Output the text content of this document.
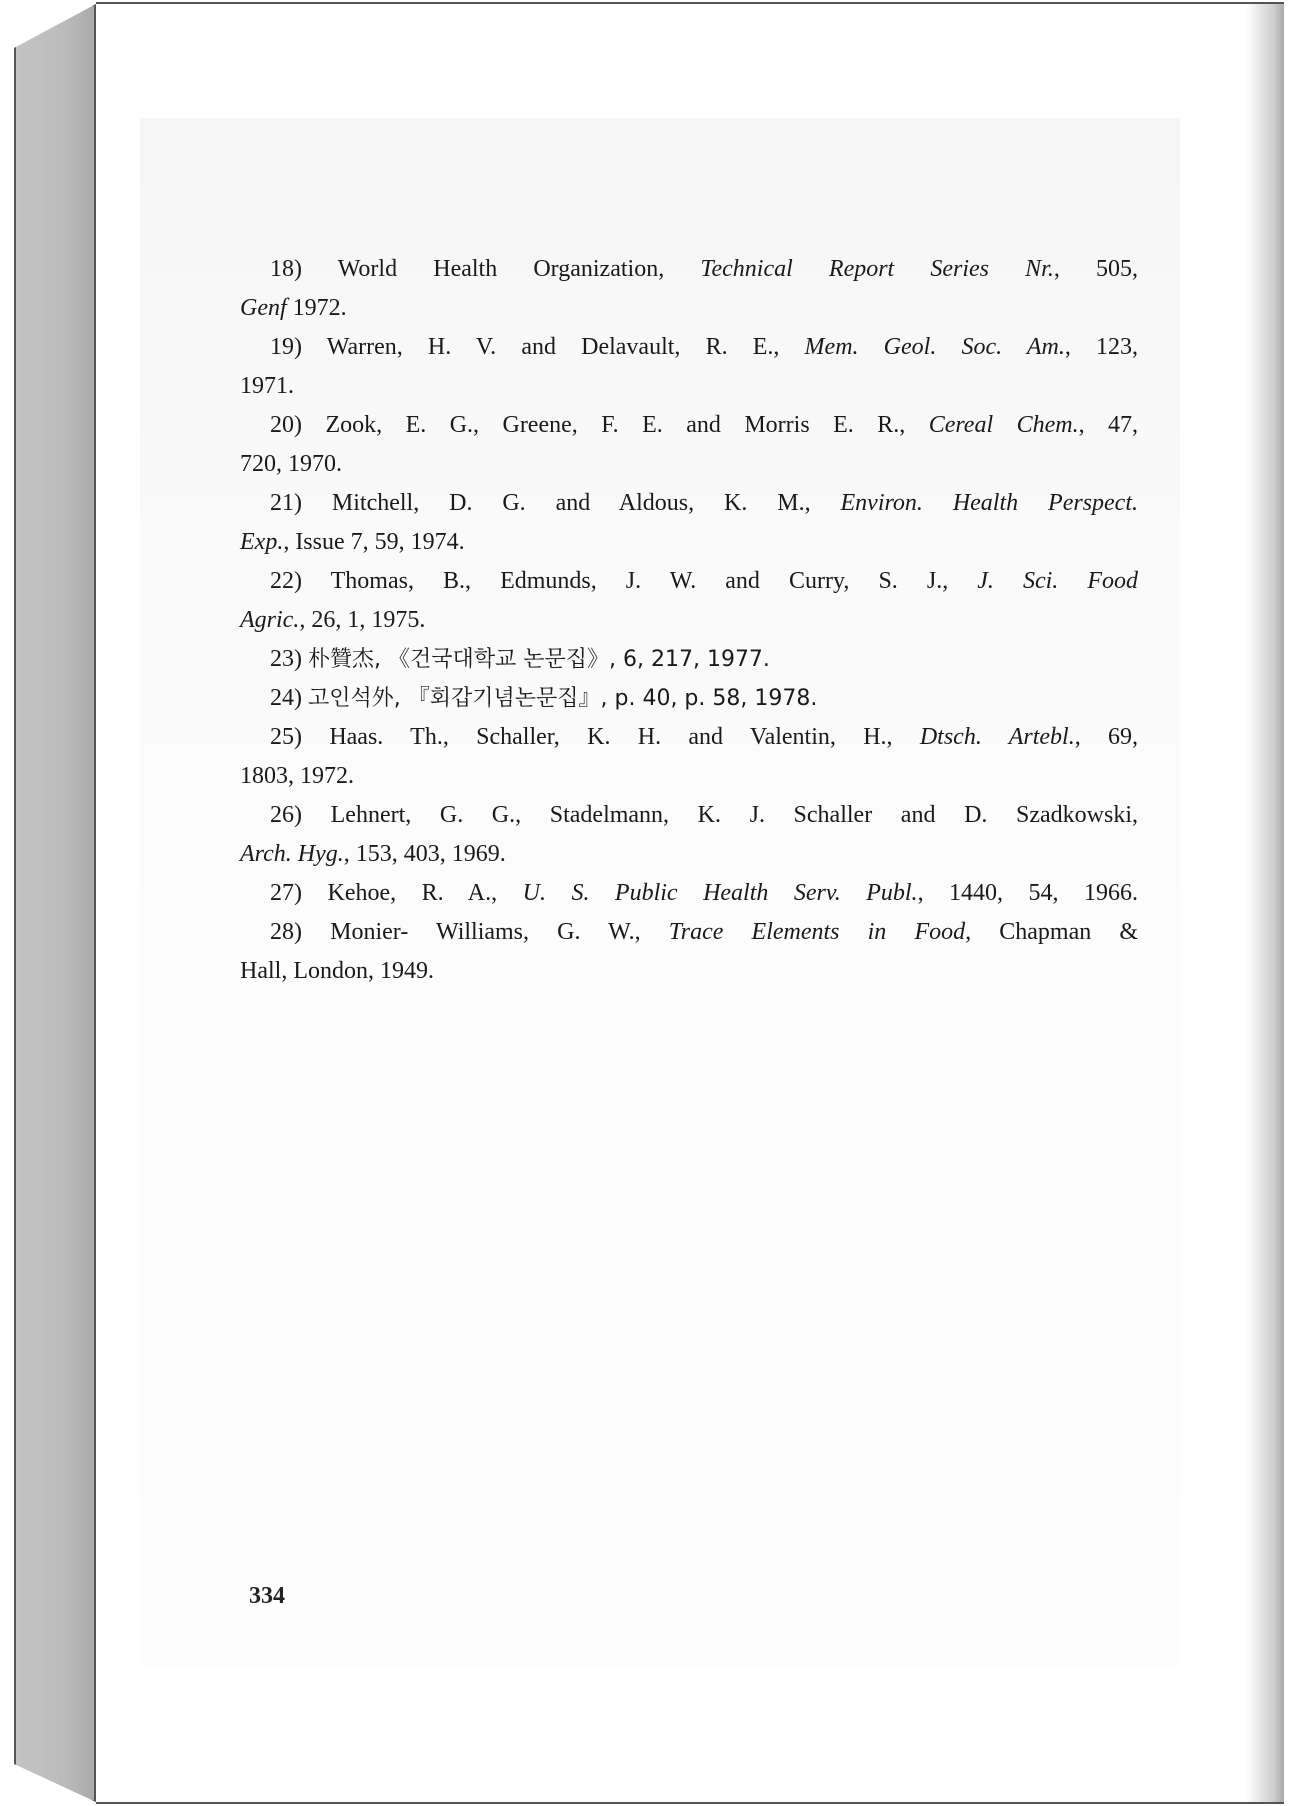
18) World Health Organization, Technical Report Series Nr., 505,
Genf 1972.

19) Warren, H. V. and Delavault, R. E., Mem. Geol. Soc. Am., 123,
1971.

20) Zook, E. G., Greene, F. E. and Morris E. R., Cereal Chem., 47,
720, 1970.

21) Mitchell, D. G. and Aldous, K. M., Environ. Health Perspect.
Exp., Issue 7, 59, 1974.

22) Thomas, B., Edmunds, J. W. and Curry, S. J., J. Sci. Food
Agric., 26, 1, 1975.

23) 朴贊杰, 《건국대학교 논문집》, 6, 217, 1977.

24) 고인석外, 『회갑기념논문집』, p. 40, p. 58, 1978.

25) Haas. Th., Schaller, K. H. and Valentin, H., Dtsch. Artebl., 69,
1803, 1972.

26) Lehnert, G. G., Stadelmann, K. J. Schaller and D. Szadkowski,
Arch. Hyg., 153, 403, 1969.

27) Kehoe, R. A., U. S. Public Health Serv. Publ., 1440, 54, 1966.

28) Monier- Williams, G. W., Trace Elements in Food, Chapman &
Hall, London, 1949.

334
